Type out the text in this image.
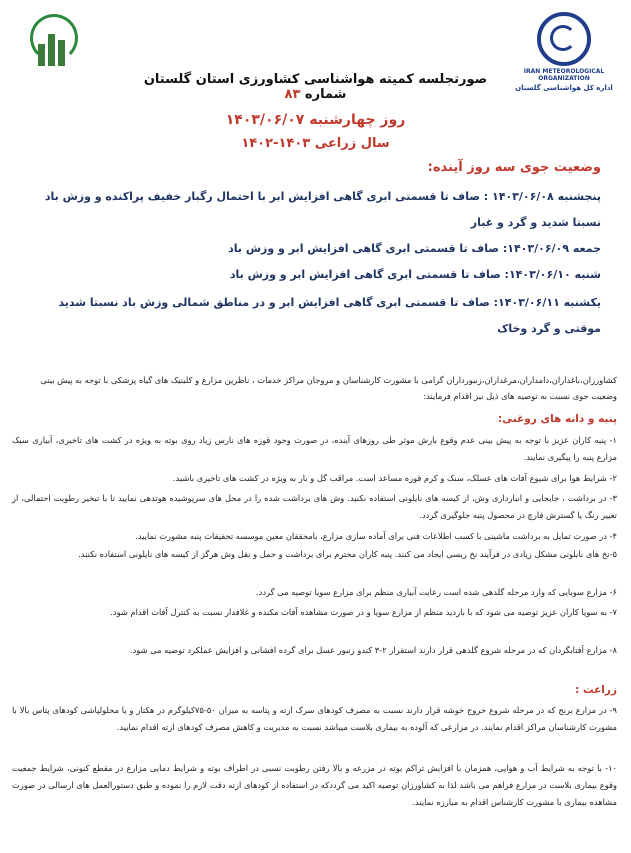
IRAN METEOROLOGICAL ORGANIZATION
اداره کل هواشناسی گلستان
صورتجلسه کمیته هواشناسی کشاورزی استان گلستان شماره ۸۳
روز چهارشنبه ۱۴۰۳/۰۶/۰۷
سال زراعی ۱۴۰۳-۱۴۰۲
وضعیت جوی سه روز آینده:
پنجشنبه ۱۴۰۳/۰۶/۰۸ : صاف تا قسمتی ابری گاهی افزایش ابر با احتمال رگبار خفیف پراکنده و وزش باد نسبتا شدید و گرد و غبار
جمعه ۱۴۰۳/۰۶/۰۹: صاف تا قسمتی ابری گاهی افزایش ابر و وزش باد
شنبه ۱۴۰۳/۰۶/۱۰: صاف تا قسمتی ابری گاهی افزایش ابر و وزش باد
یکشنبه ۱۴۰۳/۰۶/۱۱: صاف تا قسمتی ابری گاهی افزایش ابر و در مناطق شمالی وزش باد نسبتا شدید موقتی و گرد وخاک
کشاورزان،باغداران،دامداران،مرغداران،زنبورداران گرامی با مشورت کارشناسان و مروجان مراکز خدمات ، ناظرین مزارع و کلینیک های گیاه پزشکی با توجه به پیش بینی وضعیت جوی نسبت به توصیه های ذیل نیز اقدام فرمایند:
پنبه و دانه های روغنی:
۱- پنبه کاران عزیز با توجه به پیش بینی عدم وقوع بارش موثر طی روزهای آینده، در صورت وجود قوزه های نارس زیاد روی بوته به ویژه در کشت های تاخیری، آبیاری سبک مزارع پنبه را پیگیری نمایند.
۲- شرایط هوا برای شیوع آفات های عسلک، سنک و کرم قوزه مساعد است. مراقب گل و بار به ویژه در کشت های تاخیری باشید.
۳- در برداشت ، جابجایی و انبارداری وش، از کیسه های نایلونی استفاده نکنید. وش های برداشت شده را در محل های سرپوشیده هوتدهی نمایید تا با تبخیر رطوبت احتمالی، از تغییر رنگ یا گسترش قارچ در محصول پنبه جلوگیری گردد.
۴- در صورت تمایل به برداشت ماشینی با کسب اطلاعات فنی برای آماده سازی مزارع، بامحققان معین موسسه تحقیقات پنبه مشورت نمایید.
۵-نخ های نایلونی مشکل زیادی در فرآیند نخ ریسی ایجاد می کنند. پنبه کاران محترم برای برداشت و حمل و نقل وش هرگز از کیسه های نایلونی استفاده نکنند.
۶- مزارع سویایی که وارد مرحله گلدهی شده است رعایت آبیاری منظم برای مزارع سویا توصیه می گردد.
۷- به سویا کاران عزیز توصیه می شود که با بازدید منظم از مزارع سویا و در صورت مشاهده آفات مکنده و غلافدار نسبت به کنترل آفات اقدام شود.
۸- مزارع آفتابگردان که در مرحله شروع گلدهی قرار دارند استقرار ۲-۳ کندو زنبور عسل برای گرده افشانی و افزایش عملکرد توصیه می شود.
زراعت :
۹- در مزارع برنج که در مرحله شروع خروج خوشه قرار دارند نسبت به مصرف کودهای سرک ازته و پتاسه به میزان ۵۰-۷۵کیلوگرم در هکتار و یا محلولپاشی کودهای پتاس بالا با مشورت کارشناسان مراکز اقدام نمایند. در مزارعی که آلوده به بیماری بلاست میباشد نسبت به مدیریت و کاهش مصرف کودهای ازته اقدام نمایید.
۱۰- با توجه به شرایط آب و هوایی، همزمان با افزایش تراکم بوته در مزرعه و بالا رفتن رطوبت نسبی در اطراف بوته و شرایط دمایی مزارع در مقطع کنونی، شرایط جمعیت وقوع بیماری بلاست در مزارع فراهم می باشد لذا به کشاورزان توصیه اکید می گرددکه در استفاده از کودهای ازته دقت لازم را نموده و طبق دستورالعمل های ارسالی در صورت مشاهده بیماری با مشورت کارشناس اقدام به مبارزه نمایند.
